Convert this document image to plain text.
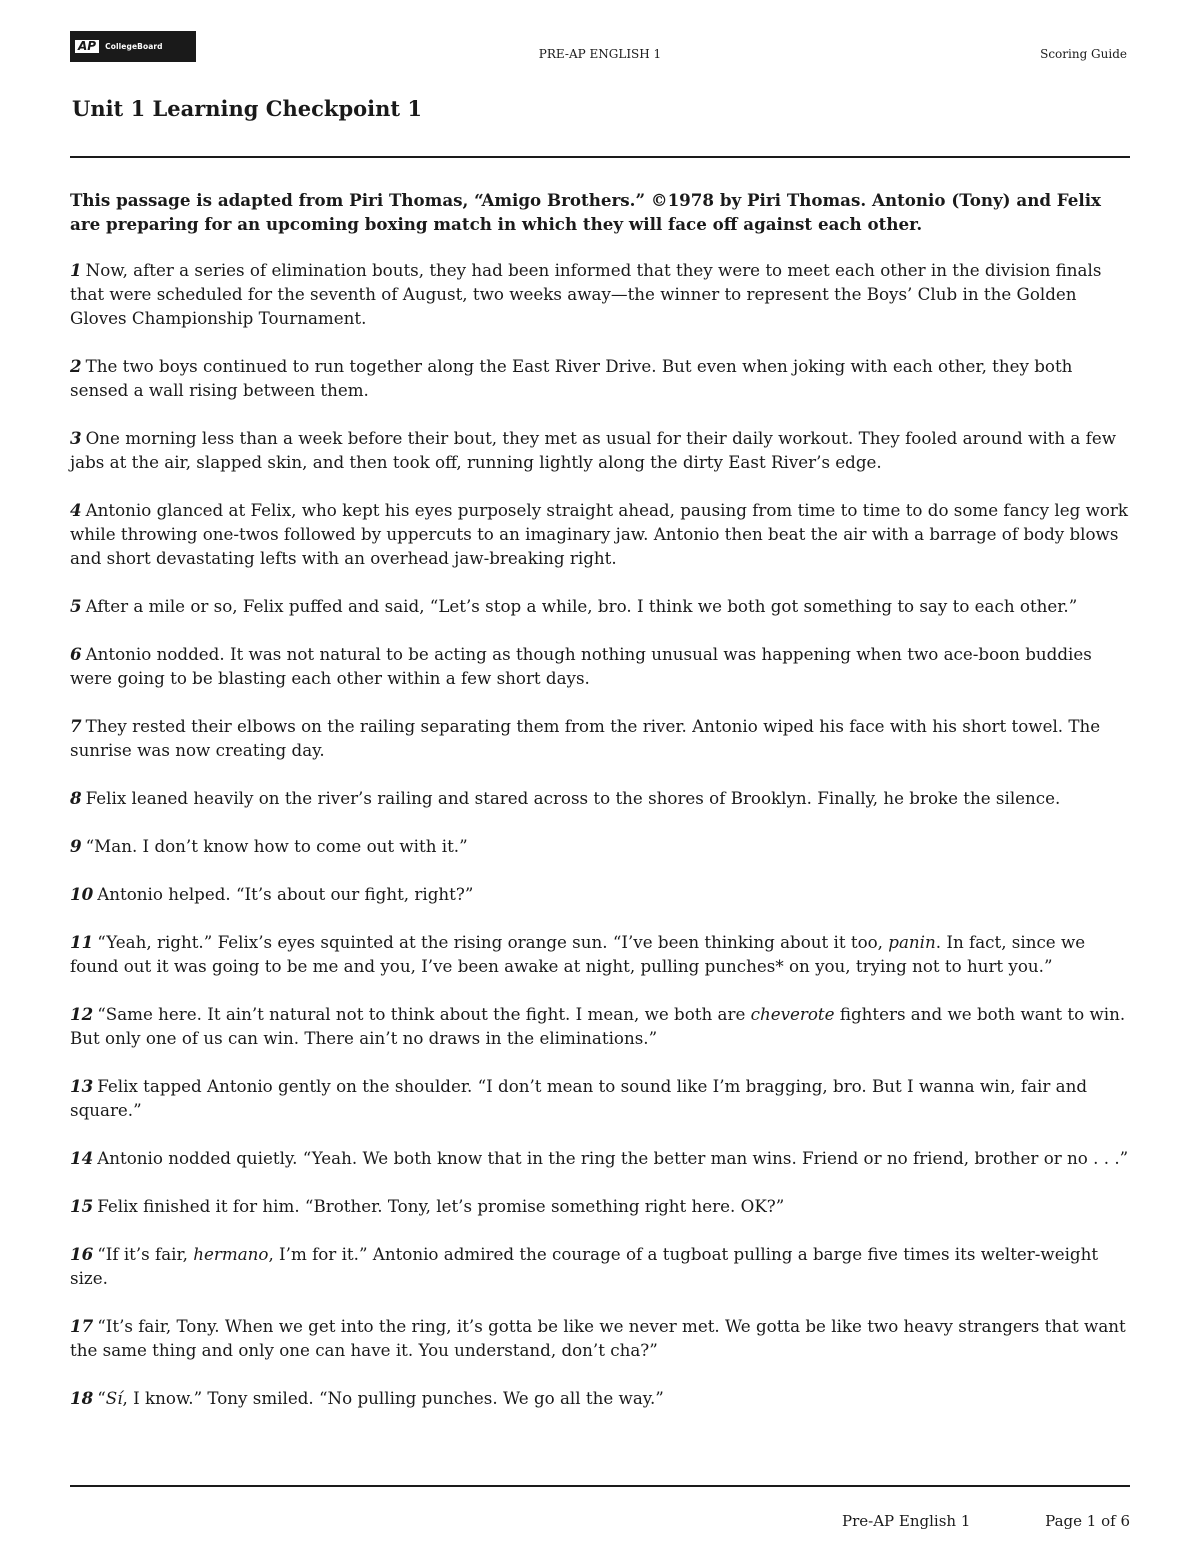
AP	CollegeBoard
PRE-AP ENGLISH 1	Scoring Guide
Unit 1 Learning Checkpoint 1

This passage is adapted from Piri Thomas, “Amigo Brothers.” ©1978 by Piri Thomas. Antonio (Tony) and Felix are preparing for an upcoming boxing match in which they will face off against each other.

1 Now, after a series of elimination bouts, they had been informed that they were to meet each other in the division finals that were scheduled for the seventh of August, two weeks away—the winner to represent the Boys’ Club in the Golden Gloves Championship Tournament.

2 The two boys continued to run together along the East River Drive. But even when joking with each other, they both sensed a wall rising between them.

3 One morning less than a week before their bout, they met as usual for their daily workout. They fooled around with a few jabs at the air, slapped skin, and then took off, running lightly along the dirty East River’s edge.

4 Antonio glanced at Felix, who kept his eyes purposely straight ahead, pausing from time to time to do some fancy leg work while throwing one-twos followed by uppercuts to an imaginary jaw. Antonio then beat the air with a barrage of body blows and short devastating lefts with an overhead jaw-breaking right.

5 After a mile or so, Felix puffed and said, “Let’s stop a while, bro. I think we both got something to say to each other.”

6 Antonio nodded. It was not natural to be acting as though nothing unusual was happening when two ace-boon buddies were going to be blasting each other within a few short days.

7 They rested their elbows on the railing separating them from the river. Antonio wiped his face with his short towel. The sunrise was now creating day.

8 Felix leaned heavily on the river’s railing and stared across to the shores of Brooklyn. Finally, he broke the silence.

9 “Man. I don’t know how to come out with it.”

10 Antonio helped. “It’s about our fight, right?”

11 “Yeah, right.” Felix’s eyes squinted at the rising orange sun. “I’ve been thinking about it too, panin. In fact, since we found out it was going to be me and you, I’ve been awake at night, pulling punches* on you, trying not to hurt you.”

12 “Same here. It ain’t natural not to think about the fight. I mean, we both are cheverote fighters and we both want to win. But only one of us can win. There ain’t no draws in the eliminations.”

13 Felix tapped Antonio gently on the shoulder. “I don’t mean to sound like I’m bragging, bro. But I wanna win, fair and square.”

14 Antonio nodded quietly. “Yeah. We both know that in the ring the better man wins. Friend or no friend, brother or no . . .”

15 Felix finished it for him. “Brother. Tony, let’s promise something right here. OK?”

16 “If it’s fair, hermano, I’m for it.” Antonio admired the courage of a tugboat pulling a barge five times its welter-weight size.

17 “It’s fair, Tony. When we get into the ring, it’s gotta be like we never met. We gotta be like two heavy strangers that want the same thing and only one can have it. You understand, don’t cha?”

18 “Sí, I know.” Tony smiled. “No pulling punches. We go all the way.”

Pre-AP English 1	Page 1 of 6
